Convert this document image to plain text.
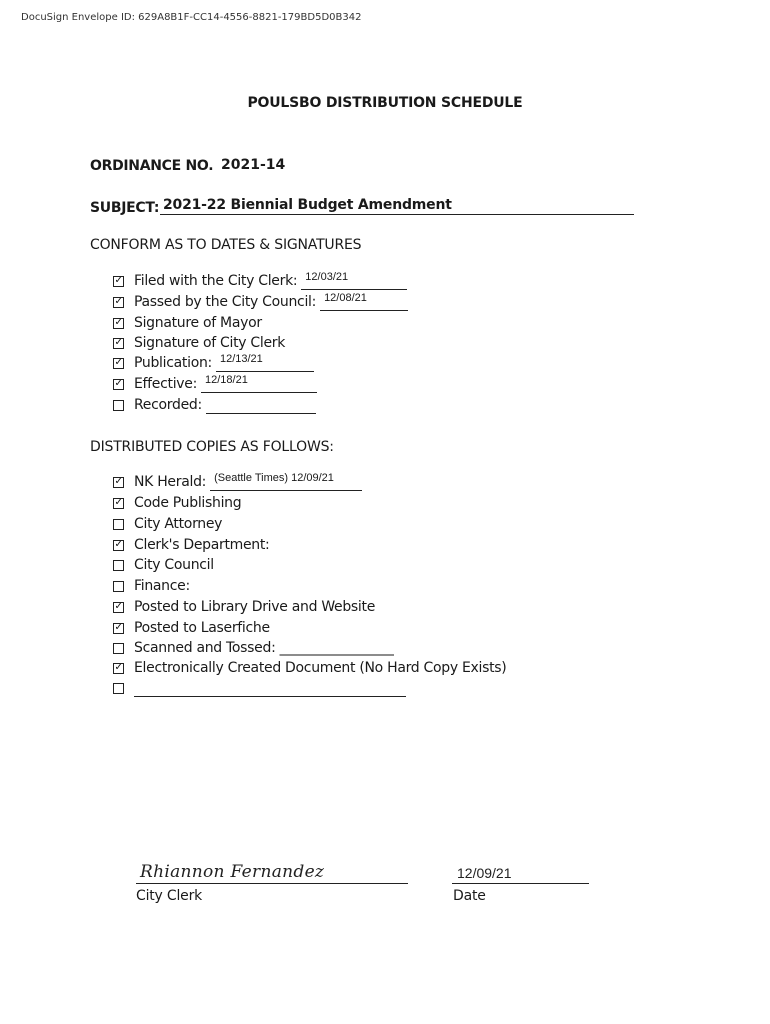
DocuSign Envelope ID: 629A8B1F-CC14-4556-8821-179BD5D0B342
POULSBO DISTRIBUTION SCHEDULE
ORDINANCE NO. 2021-14
SUBJECT: 2021-22 Biennial Budget Amendment
CONFORM AS TO DATES & SIGNATURES
✓ Filed with the City Clerk: 12/03/21
✓ Passed by the City Council: 12/08/21
✓ Signature of Mayor
✓ Signature of City Clerk
✓ Publication: 12/13/21
✓ Effective: 12/18/21
Recorded:
DISTRIBUTED COPIES AS FOLLOWS:
✓ NK Herald: (Seattle Times) 12/09/21
✓ Code Publishing
City Attorney
✓ Clerk's Department:
City Council
Finance:
✓ Posted to Library Drive and Website
✓ Posted to Laserfiche
Scanned and Tossed: _________________
✓ Electronically Created Document (No Hard Copy Exists)
Rhiannon Fernandez	12/09/21
City Clerk	Date
